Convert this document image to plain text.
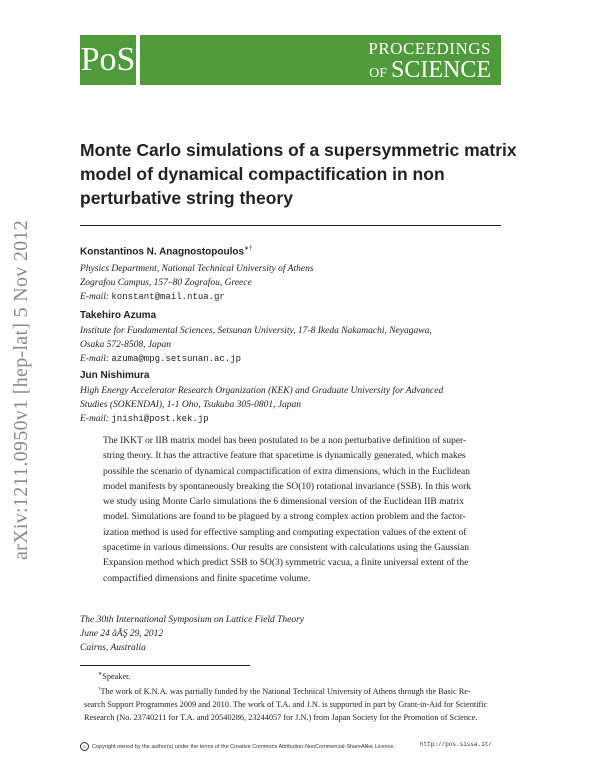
PoS	PROCEEDINGS
OF SCIENCE
arXiv:1211.0950v1 [hep-lat] 5 Nov 2012
Monte Carlo simulations of a supersymmetric matrix
model of dynamical compactification in non
perturbative string theory
Konstantinos N. Anagnostopoulos∗†
Physics Department, National Technical University of Athens
Zografou Campus, 157–80 Zografou, Greece
E-mail: konstant@mail.ntua.gr
Takehiro Azuma
Institute for Fundamental Sciences, Setsunan University, 17-8 Ikeda Nakamachi, Neyagawa,
Osaka 572-8508, Japan
E-mail: azuma@mpg.setsunan.ac.jp
Jun Nishimura
High Energy Accelerator Research Organization (KEK) and Graduate University for Advanced
Studies (SOKENDAI), 1-1 Oho, Tsukuba 305-0801, Japan
E-mail: jnishi@post.kek.jp
The IKKT or IIB matrix model has been postulated to be a non perturbative definition of super-
string theory. It has the attractive feature that spacetime is dynamically generated, which makes
possible the scenario of dynamical compactification of extra dimensions, which in the Euclidean
model manifests by spontaneously breaking the SO(10) rotational invariance (SSB). In this work
we study using Monte Carlo simulations the 6 dimensional version of the Euclidean IIB matrix
model. Simulations are found to be plagued by a strong complex action problem and the factor-
ization method is used for effective sampling and computing expectation values of the extent of
spacetime in various dimensions. Our results are consistent with calculations using the Gaussian
Expansion method which predict SSB to SO(3) symmetric vacua, a finite universal extent of the
compactified dimensions and finite spacetime volume.
The 30th International Symposium on Lattice Field Theory
June 24 âĂŞ 29, 2012
Cairns, Australia
∗Speaker.
†The work of K.N.A. was partially funded by the National Technical University of Athens through the Basic Re-
search Support Programmes 2009 and 2010. The work of T.A. and J.N. is supported in part by Grant-in-Aid for Scientific
Research (No. 23740211 for T.A. and 20540286, 23244057 for J.N.) from Japan Society for the Promotion of Science.
c	Copyright owned by the author(s) under the terms of the Creative Commons Attribution-NonCommercial-ShareAlike Licence.	http://pos.sissa.it/
